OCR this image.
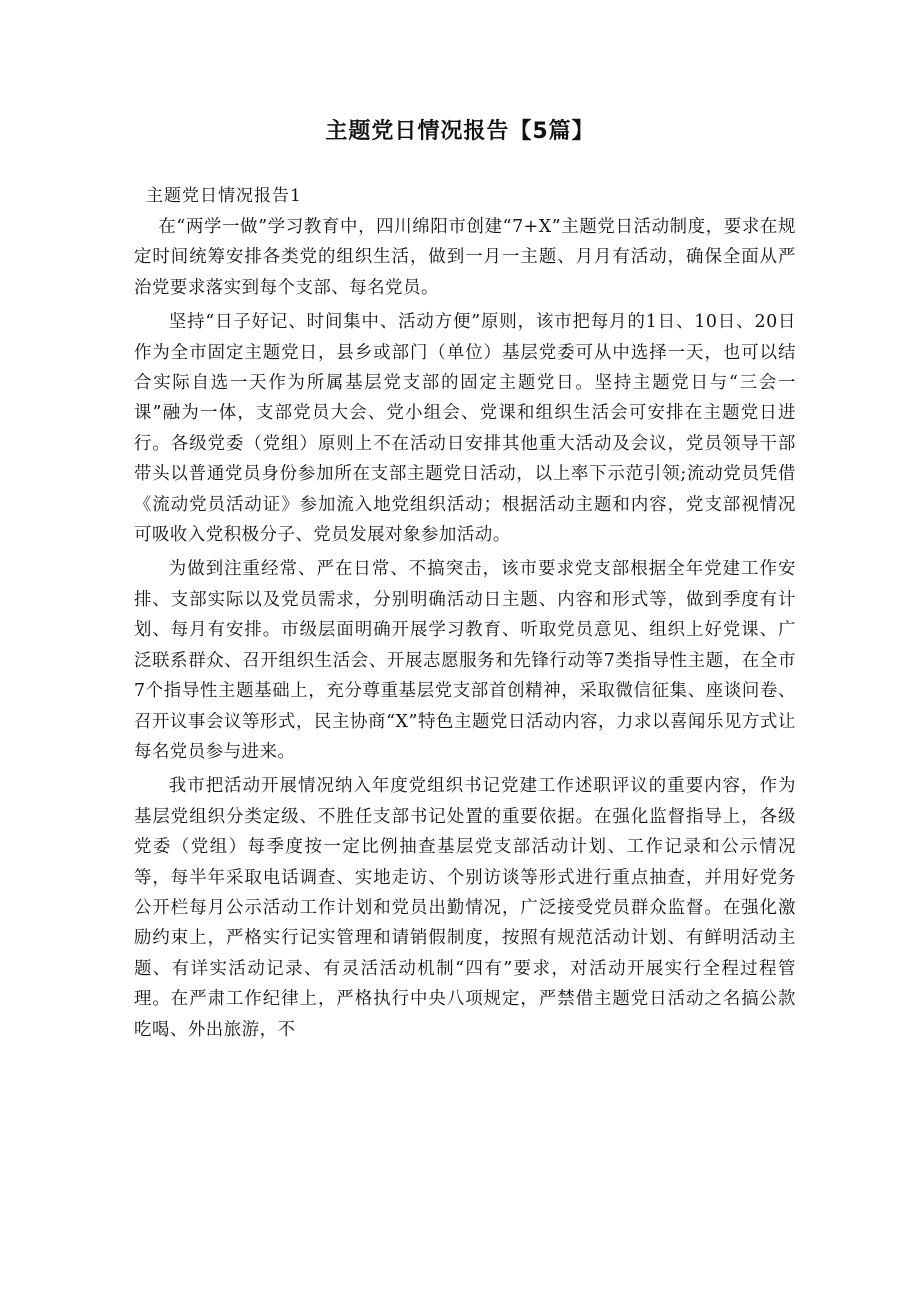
主题党日情况报告【5篇】

主题党日情况报告1

在“两学一做”学习教育中，四川绵阳市创建“7+X”主题党日活动制度，要求在规定时间统筹安排各类党的组织生活，做到一月一主题、月月有活动，确保全面从严治党要求落实到每个支部、每名党员。

坚持“日子好记、时间集中、活动方便”原则，该市把每月的1日、10日、20日作为全市固定主题党日，县乡或部门（单位）基层党委可从中选择一天，也可以结合实际自选一天作为所属基层党支部的固定主题党日。坚持主题党日与“三会一课”融为一体，支部党员大会、党小组会、党课和组织生活会可安排在主题党日进行。各级党委（党组）原则上不在活动日安排其他重大活动及会议，党员领导干部带头以普通党员身份参加所在支部主题党日活动，以上率下示范引领;流动党员凭借《流动党员活动证》参加流入地党组织活动；根据活动主题和内容，党支部视情况可吸收入党积极分子、党员发展对象参加活动。

为做到注重经常、严在日常、不搞突击，该市要求党支部根据全年党建工作安排、支部实际以及党员需求，分别明确活动日主题、内容和形式等，做到季度有计划、每月有安排。市级层面明确开展学习教育、听取党员意见、组织上好党课、广泛联系群众、召开组织生活会、开展志愿服务和先锋行动等7类指导性主题，在全市7个指导性主题基础上，充分尊重基层党支部首创精神，采取微信征集、座谈问卷、召开议事会议等形式，民主协商“X”特色主题党日活动内容，力求以喜闻乐见方式让每名党员参与进来。

我市把活动开展情况纳入年度党组织书记党建工作述职评议的重要内容，作为基层党组织分类定级、不胜任支部书记处置的重要依据。在强化监督指导上，各级党委（党组）每季度按一定比例抽查基层党支部活动计划、工作记录和公示情况等，每半年采取电话调查、实地走访、个别访谈等形式进行重点抽查，并用好党务公开栏每月公示活动工作计划和党员出勤情况，广泛接受党员群众监督。在强化激励约束上，严格实行记实管理和请销假制度，按照有规范活动计划、有鲜明活动主题、有详实活动记录、有灵活活动机制“四有”要求，对活动开展实行全程过程管理。在严肃工作纪律上，严格执行中央八项规定，严禁借主题党日活动之名搞公款吃喝、外出旅游，不
